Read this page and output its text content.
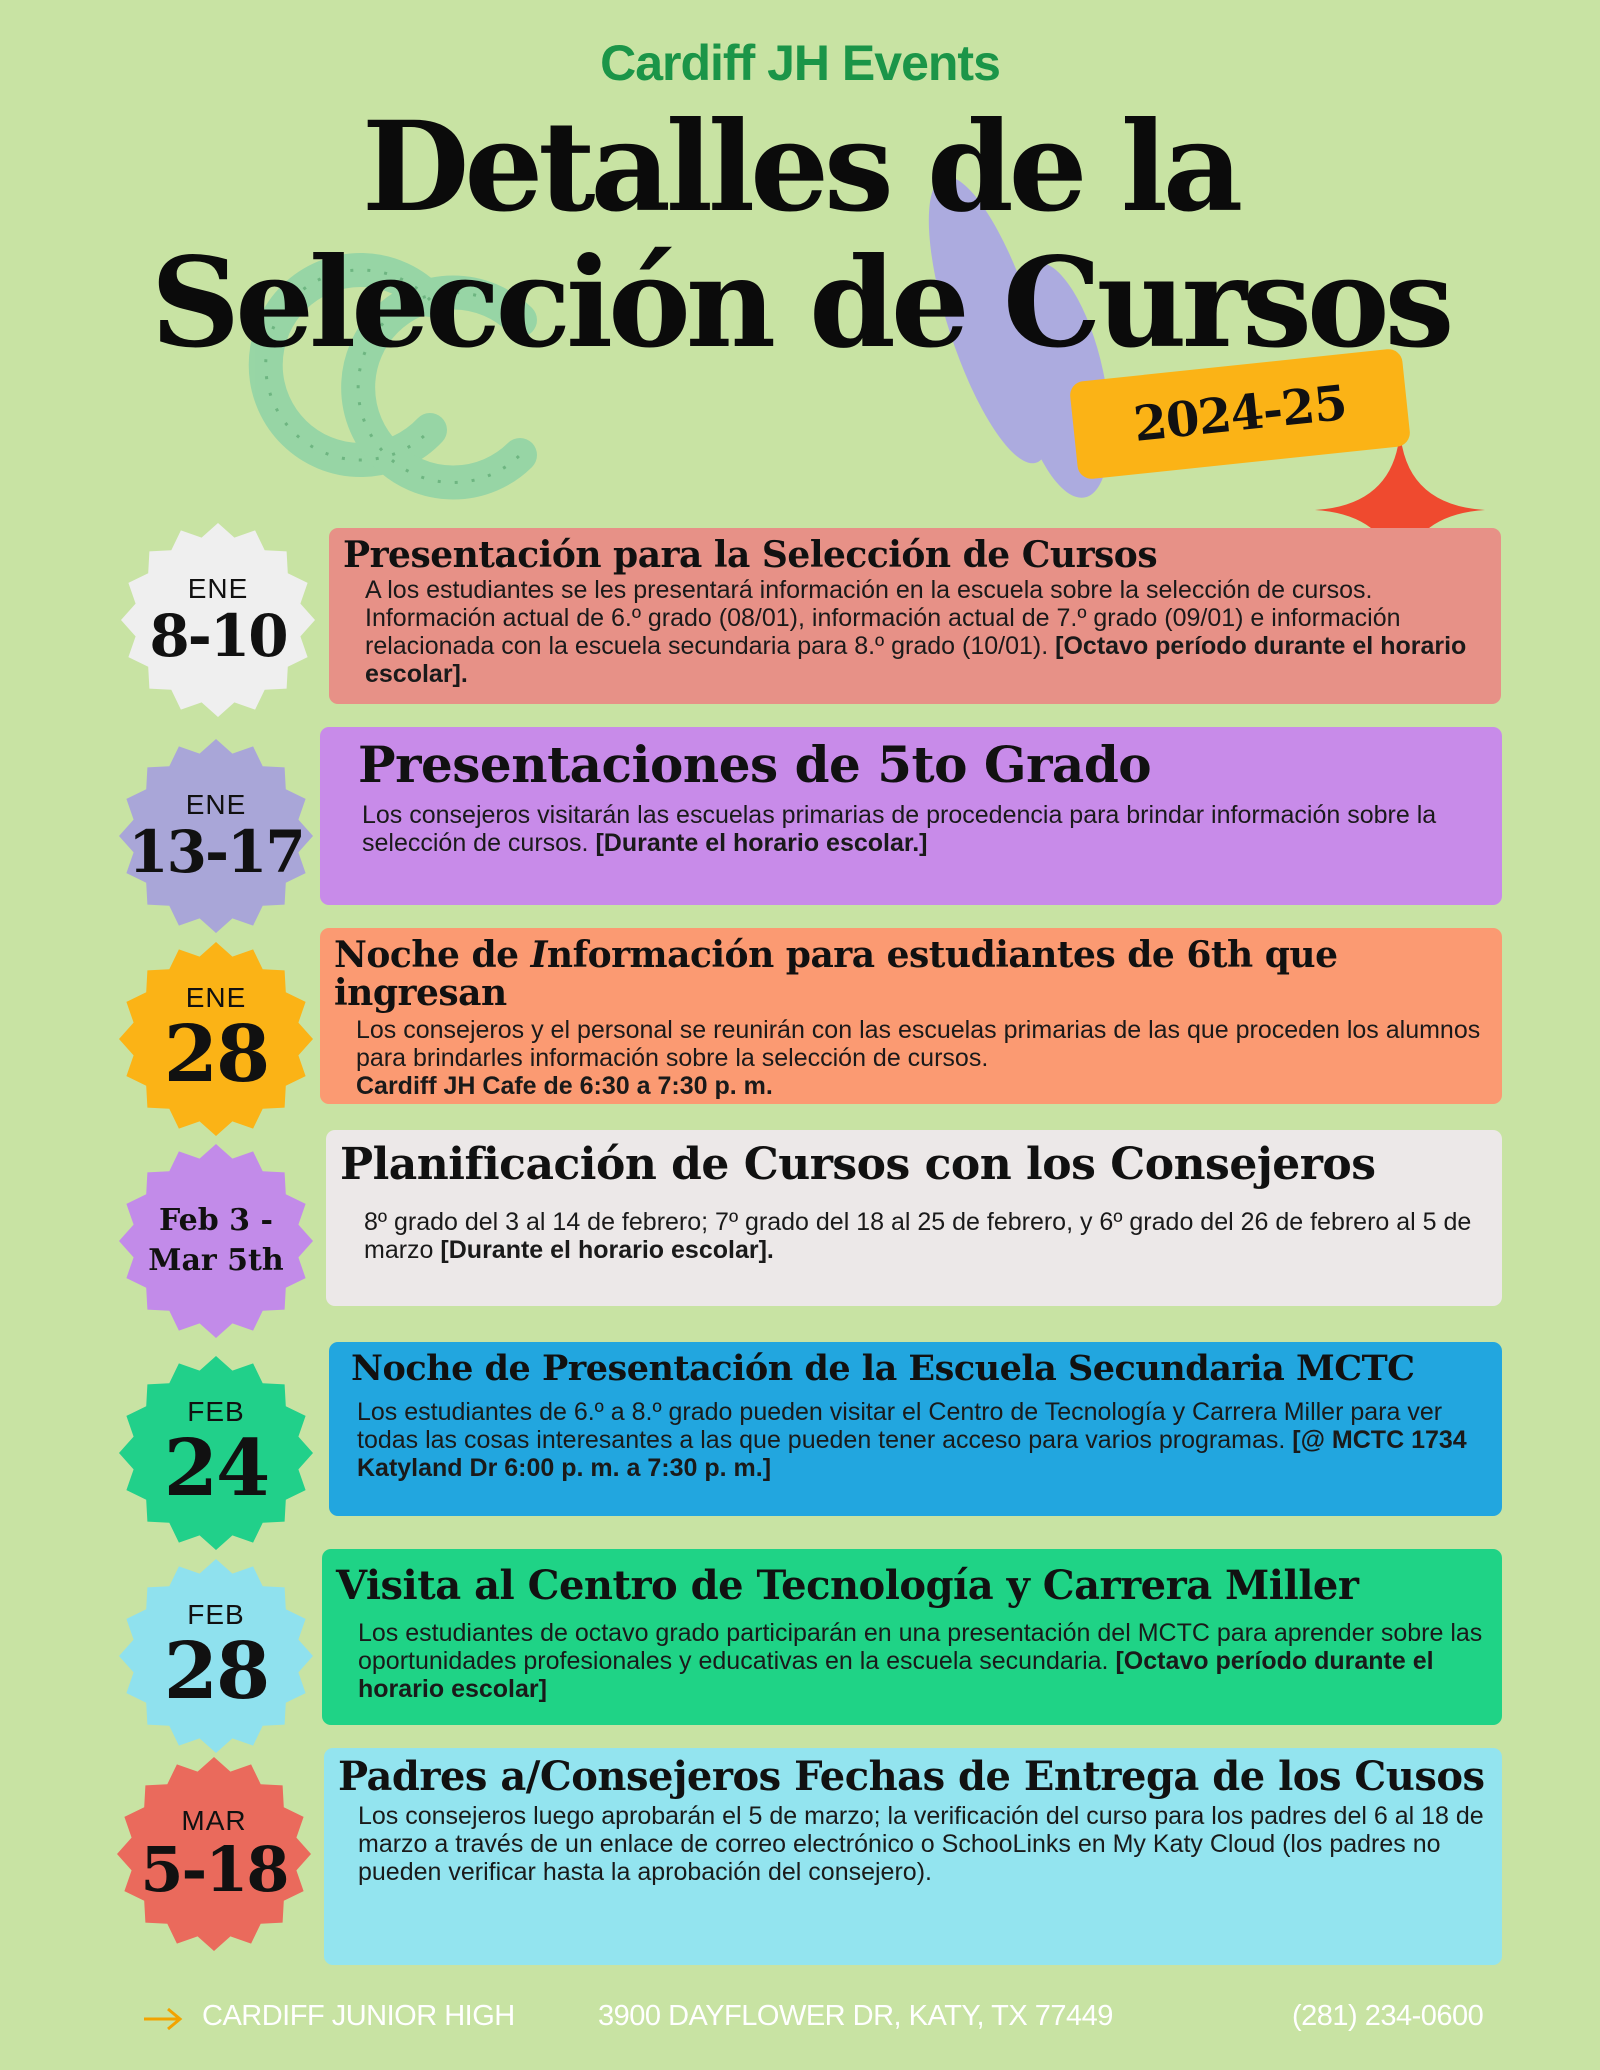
Cardiff JH Events
Detalles de la
Selección de Cursos
2024-25
Presentación para la Selección de Cursos
A los estudiantes se les presentará información en la escuela sobre la selección de cursos. Información actual de 6.º grado (08/01), información actual de 7.º grado (09/01) e información relacionada con la escuela secundaria para 8.º grado (10/01). [Octavo período durante el horario escolar].
ENE
8-10
Presentaciones de 5to Grado
Los consejeros visitarán las escuelas primarias de procedencia para brindar información sobre la selección de cursos. [Durante el horario escolar.]
ENE
13-17
Noche de Información para estudiantes de 6th que ingresan
Los consejeros y el personal se reunirán con las escuelas primarias de las que proceden los alumnos para brindarles información sobre la selección de cursos.
Cardiff JH Cafe de 6:30 a 7:30 p. m.
ENE
28
Planificación de Cursos con los Consejeros
8º grado del 3 al 14 de febrero; 7º grado del 18 al 25 de febrero, y 6º grado del 26 de febrero al 5 de marzo [Durante el horario escolar].
Feb 3 -
Mar 5th
Noche de Presentación de la Escuela Secundaria MCTC
Los estudiantes de 6.º a 8.º grado pueden visitar el Centro de Tecnología y Carrera Miller para ver todas las cosas interesantes a las que pueden tener acceso para varios programas. [@ MCTC 1734 Katyland Dr 6:00 p. m. a 7:30 p. m.]
FEB
24
Visita al Centro de Tecnología y Carrera Miller
Los estudiantes de octavo grado participarán en una presentación del MCTC para aprender sobre las oportunidades profesionales y educativas en la escuela secundaria. [Octavo período durante el horario escolar]
FEB
28
Padres a/Consejeros Fechas de Entrega de los Cusos
Los consejeros luego aprobarán el 5 de marzo; la verificación del curso para los padres del 6 al 18 de marzo a través de un enlace de correo electrónico o SchooLinks en My Katy Cloud (los padres no pueden verificar hasta la aprobación del consejero).
MAR
5-18
CARDIFF JUNIOR HIGH	3900 DAYFLOWER DR, KATY, TX 77449	(281) 234-0600
